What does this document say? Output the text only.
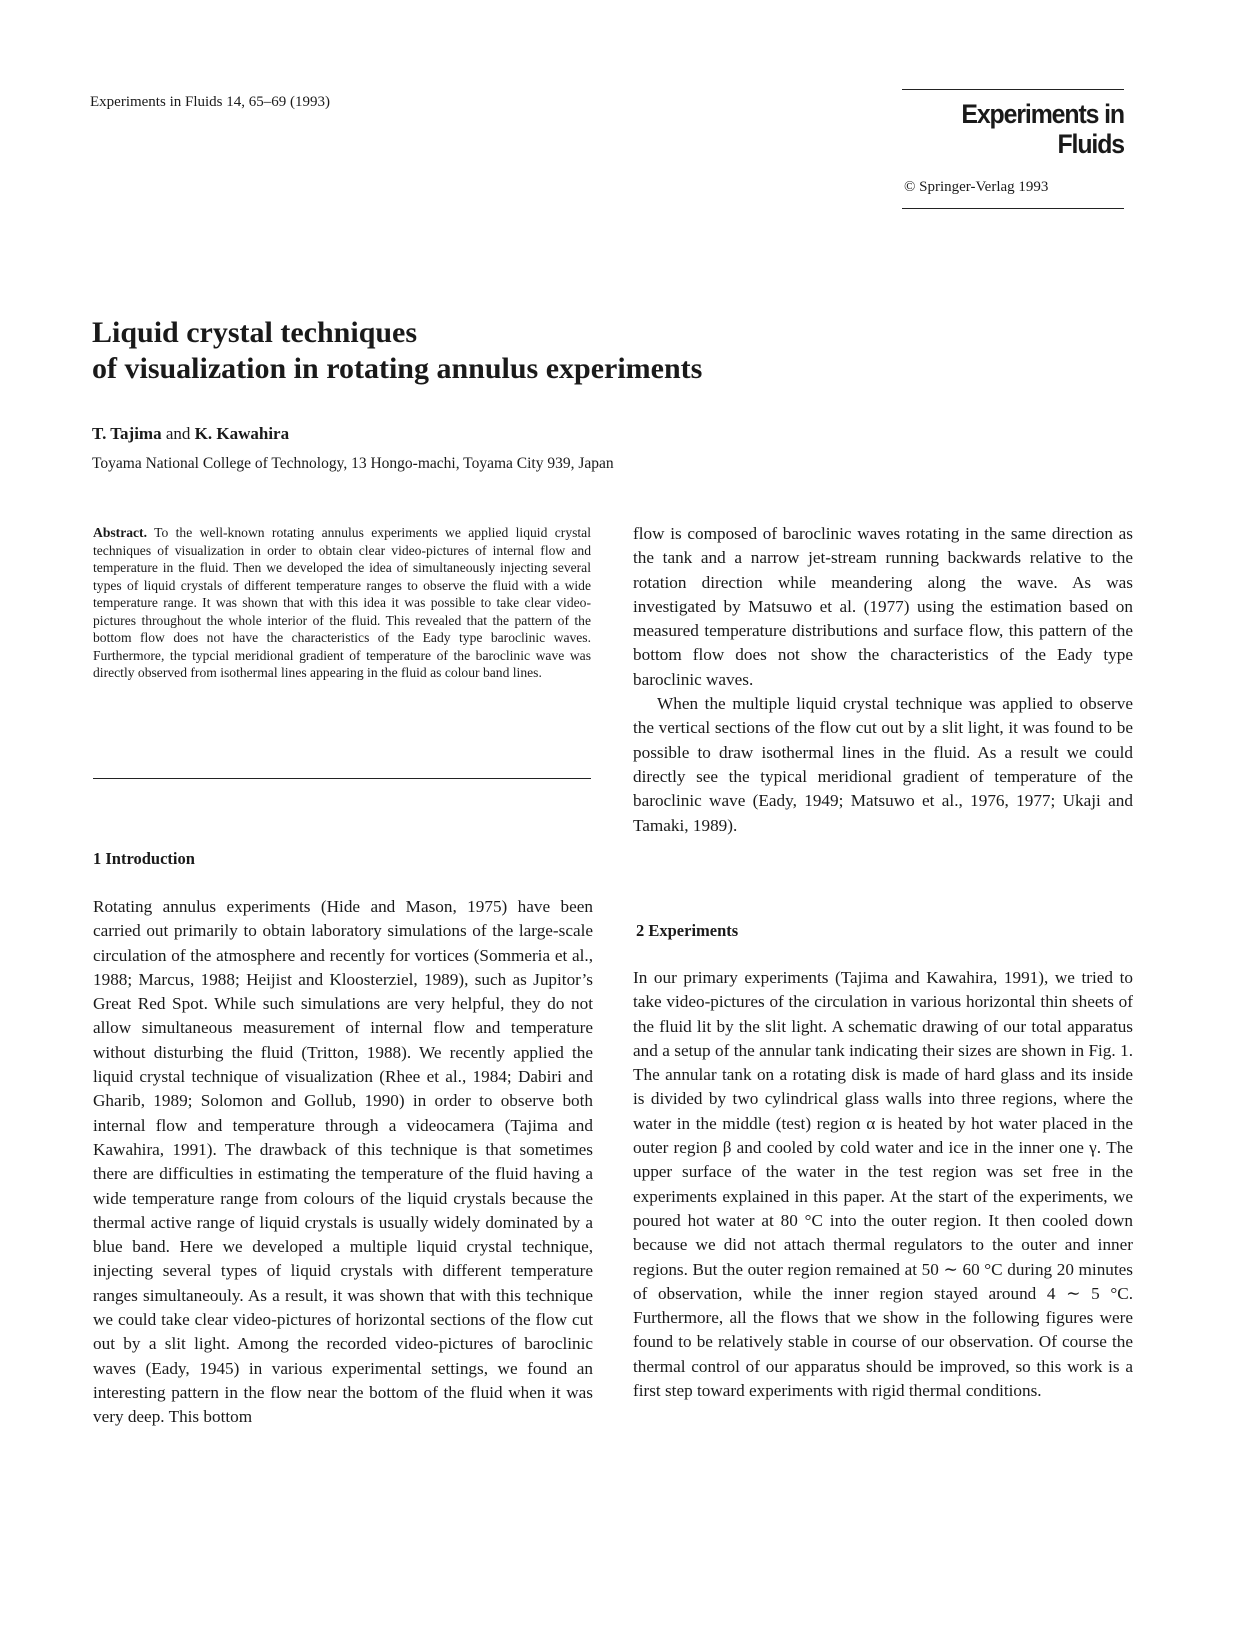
Experiments in Fluids 14, 65–69 (1993)	Experiments in Fluids
© Springer-Verlag 1993
Liquid crystal techniques
of visualization in rotating annulus experiments
T. Tajima and K. Kawahira
Toyama National College of Technology, 13 Hongo-machi, Toyama City 939, Japan

Abstract. To the well-known rotating annulus experiments we applied liquid crystal techniques of visualization in order to obtain clear video-pictures of internal flow and temperature in the fluid. Then we developed the idea of simultaneously injecting several types of liquid crystals of different temperature ranges to observe the fluid with a wide temperature range. It was shown that with this idea it was possible to take clear video-pictures throughout the whole interior of the fluid. This revealed that the pattern of the bottom flow does not have the characteristics of the Eady type baroclinic waves. Furthermore, the typcial meridional gradient of temperature of the baroclinic wave was directly observed from isothermal lines appearing in the fluid as colour band lines.

1 Introduction

Rotating annulus experiments (Hide and Mason, 1975) have been carried out primarily to obtain laboratory simulations of the large-scale circulation of the atmosphere and recently for vortices (Sommeria et al., 1988; Marcus, 1988; Heijist and Kloosterziel, 1989), such as Jupitor’s Great Red Spot. While such simulations are very helpful, they do not allow simultaneous measurement of internal flow and temperature without disturbing the fluid (Tritton, 1988). We recently applied the liquid crystal technique of visualization (Rhee et al., 1984; Dabiri and Gharib, 1989; Solomon and Gollub, 1990) in order to observe both internal flow and temperature through a videocamera (Tajima and Kawahira, 1991). The drawback of this technique is that sometimes there are difficulties in estimating the temperature of the fluid having a wide temperature range from colours of the liquid crystals because the thermal active range of liquid crystals is usually widely dominated by a blue band. Here we developed a multiple liquid crystal technique, injecting several types of liquid crystals with different temperature ranges simultaneouly. As a result, it was shown that with this technique we could take clear video-pictures of horizontal sections of the flow cut out by a slit light. Among the recorded video-pictures of baroclinic waves (Eady, 1945) in various experimental settings, we found an interesting pattern in the flow near the bottom of the fluid when it was very deep. This bottom

flow is composed of baroclinic waves rotating in the same direction as the tank and a narrow jet-stream running backwards relative to the rotation direction while meandering along the wave. As was investigated by Matsuwo et al. (1977) using the estimation based on measured temperature distributions and surface flow, this pattern of the bottom flow does not show the characteristics of the Eady type baroclinic waves.
When the multiple liquid crystal technique was applied to observe the vertical sections of the flow cut out by a slit light, it was found to be possible to draw isothermal lines in the fluid. As a result we could directly see the typical meridional gradient of temperature of the baroclinic wave (Eady, 1949; Matsuwo et al., 1976, 1977; Ukaji and Tamaki, 1989).
2 Experiments

In our primary experiments (Tajima and Kawahira, 1991), we tried to take video-pictures of the circulation in various horizontal thin sheets of the fluid lit by the slit light. A schematic drawing of our total apparatus and a setup of the annular tank indicating their sizes are shown in Fig. 1. The annular tank on a rotating disk is made of hard glass and its inside is divided by two cylindrical glass walls into three regions, where the water in the middle (test) region α is heated by hot water placed in the outer region β and cooled by cold water and ice in the inner one γ. The upper surface of the water in the test region was set free in the experiments explained in this paper. At the start of the experiments, we poured hot water at 80 °C into the outer region. It then cooled down because we did not attach thermal regulators to the outer and inner regions. But the outer region remained at 50 ∼ 60 °C during 20 minutes of observation, while the inner region stayed around 4 ∼ 5 °C. Furthermore, all the flows that we show in the following figures were found to be relatively stable in course of our observation. Of course the thermal control of our apparatus should be improved, so this work is a first step toward experiments with rigid thermal conditions.
